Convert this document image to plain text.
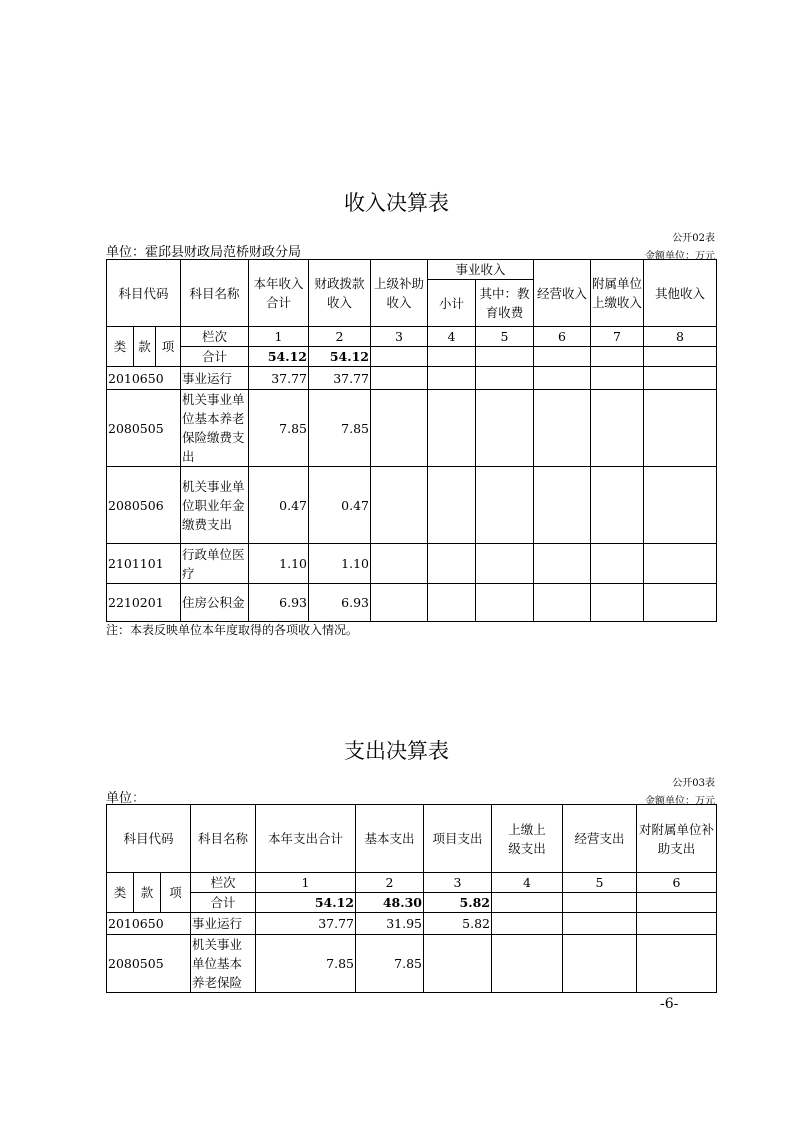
收入决算表
公开02表
单位：霍邱县财政局范桥财政分局	金额单位：万元
科目代码			科目名称	本年收入合计	财政拨款收入	上级补助收入	事业收入		经营收入	附属单位上缴收入	其他收入
							小计	其中：教育收费			
类	款	项	栏次	1	2	3	4	5	6	7	8
			合计	54.12	54.12						
2010650			事业运行	37.77	37.77						
2080505			机关事业单位基本养老保险缴费支出	7.85	7.85						
2080506			机关事业单位职业年金缴费支出	0.47	0.47						
2101101			行政单位医疗	1.10	1.10						
2210201			住房公积金	6.93	6.93						
注：本表反映单位本年度取得的各项收入情况。
支出决算表
公开03表
单位：	金额单位：万元
科目代码			科目名称	本年支出合计	基本支出	项目支出	上缴上级支出	经营支出	对附属单位补助支出
类	款	项	栏次	1	2	3	4	5	6
			合计	54.12	48.30	5.82			
2010650			事业运行	37.77	31.95	5.82			
2080505			机关事业单位基本养老保险	7.85	7.85				
-6-
